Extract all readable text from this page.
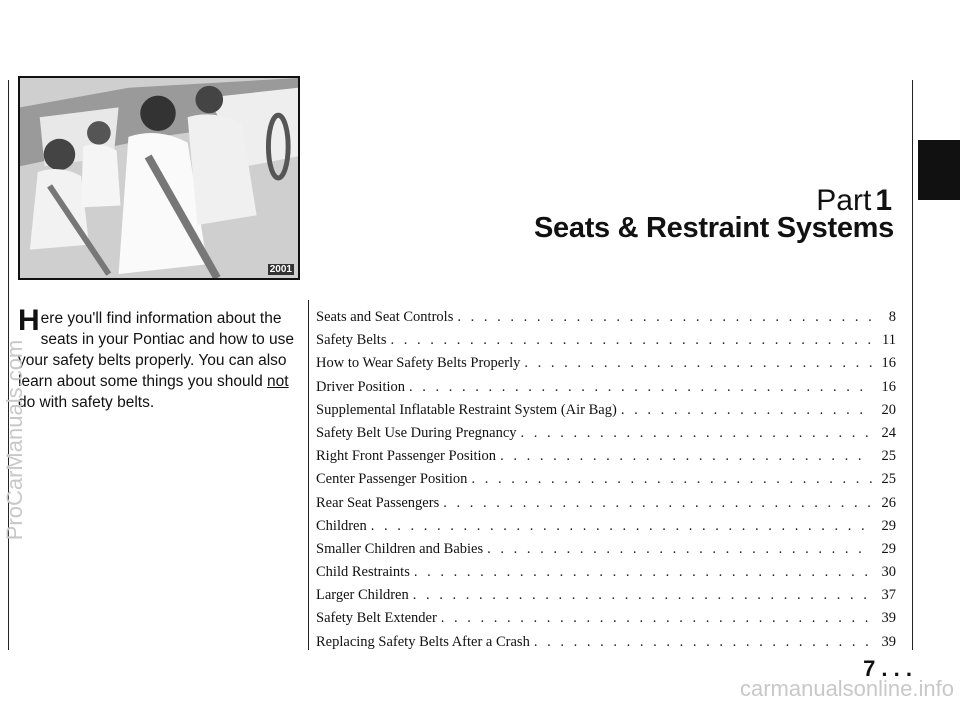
2001
Part 1
Seats & Restraint Systems
Here you'll find information about the seats in your Pontiac and how to use your safety belts properly. You can also learn about some things you should not do with safety belts.
Seats and Seat Controls . . .	8
Safety Belts . . .	11
How to Wear Safety Belts Properly . . .	16
Driver Position . . .	16
Supplemental Inflatable Restraint System (Air Bag) . . .	20
Safety Belt Use During Pregnancy . . .	24
Right Front Passenger Position . . .	25
Center Passenger Position . . .	25
Rear Seat Passengers . . .	26
Children . . .	29
Smaller Children and Babies . . .	29
Child Restraints . . .	30
Larger Children . . .	37
Safety Belt Extender . . .	39
Replacing Safety Belts After a Crash . . .	39
7 . . .
ProCarManuals.com
carmanualsonline.info
